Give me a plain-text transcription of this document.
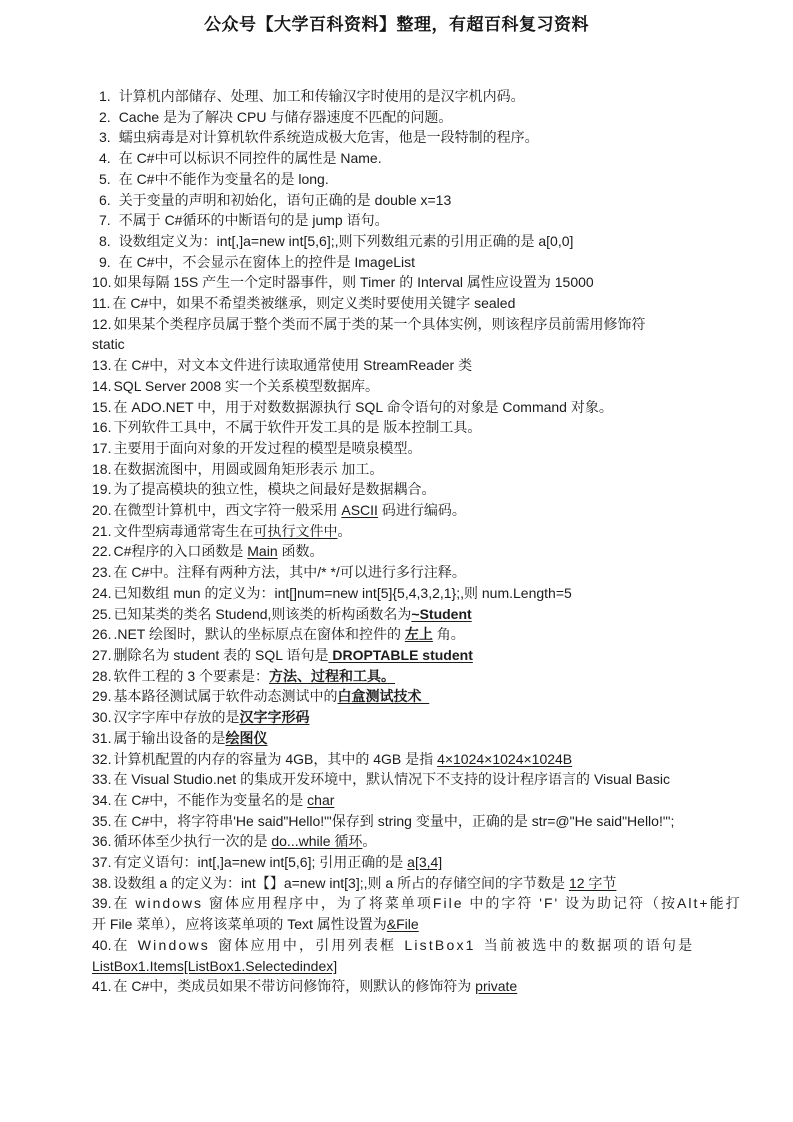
公众号【大学百科资料】整理，有超百科复习资料
1. 计算机内部储存、处理、加工和传输汉字时使用的是汉字机内码。
2. Cache 是为了解决 CPU 与储存器速度不匹配的问题。
3. 蠕虫病毒是对计算机软件系统造成极大危害，他是一段特制的程序。
4. 在 C#中可以标识不同控件的属性是 Name.
5. 在 C#中不能作为变量名的是 long.
6. 关于变量的声明和初始化，语句正确的是 double x=13
7. 不属于 C#循环的中断语句的是 jump 语句。
8. 设数组定义为：int[,]a=new int[5,6];,则下列数组元素的引用正确的是 a[0,0]
9. 在 C#中，不会显示在窗体上的控件是 ImageList
10. 如果每隔 15S 产生一个定时器事件，则 Timer 的 Interval 属性应设置为 15000
11. 在 C#中，如果不希望类被继承，则定义类时要使用关键字 sealed
12. 如果某个类程序员属于整个类而不属于类的某一个具体实例，则该程序员前需用修饰符
static
13. 在 C#中，对文本文件进行读取通常使用 StreamReader 类
14. SQL Server 2008 实一个关系模型数据库。
15. 在 ADO.NET 中，用于对数数据源执行 SQL 命令语句的对象是 Command 对象。
16. 下列软件工具中，不属于软件开发工具的是 版本控制工具。
17. 主要用于面向对象的开发过程的模型是喷泉模型。
18. 在数据流图中，用圆或圆角矩形表示 加工。
19. 为了提高模块的独立性，模块之间最好是数据耦合。
20. 在微型计算机中，西文字符一般采用 ASCII 码进行编码。
21. 文件型病毒通常寄生在可执行文件中。
22. C#程序的入口函数是 Main 函数。
23. 在 C#中。注释有两种方法，其中/* */可以进行多行注释。
24. 已知数组 mun 的定义为：int[]num=new int[5]{5,4,3,2,1};,则 num.Length=5
25. 已知某类的类名 Studend,则该类的析构函数名为~Student
26. .NET 绘图时，默认的坐标原点在窗体和控件的 左上 角。
27. 删除名为 student 表的 SQL 语句是 DROPTABLE student
28. 软件工程的 3 个要素是：方法、过程和工具。
29. 基本路径测试属于软件动态测试中的白盒测试技术
30. 汉字字库中存放的是汉字字形码
31. 属于输出设备的是绘图仪
32. 计算机配置的内存的容量为 4GB，其中的 4GB 是指 4×1024×1024×1024B
33. 在 Visual Studio.net 的集成开发环境中，默认情况下不支持的设计程序语言的 Visual Basic
34. 在 C#中，不能作为变量名的是 char
35. 在 C#中，将字符串'He said"Hello!"'保存到 string 变量中，正确的是 str=@"He said"Hello!"';
36. 循环体至少执行一次的是 do...while 循环。
37. 有定义语句：int[,]a=new int[5,6]; 引用正确的是 a[3,4]
38. 设数组 a 的定义为：int【】a=new int[3];,则 a 所占的存储空间的字节数是 12 字节
39. 在 windows 窗体应用程序中，为了将菜单项File 中的字符 'F' 设为助记符（按Alt+能打
开 File 菜单），应将该菜单项的 Text 属性设置为&File
40. 在 Windows 窗体应用中，引用列表框 ListBox1 当前被选中的数据项的语句是
ListBox1.Items[ListBox1.Selectedindex]
41. 在 C#中，类成员如果不带访问修饰符，则默认的修饰符为 private
